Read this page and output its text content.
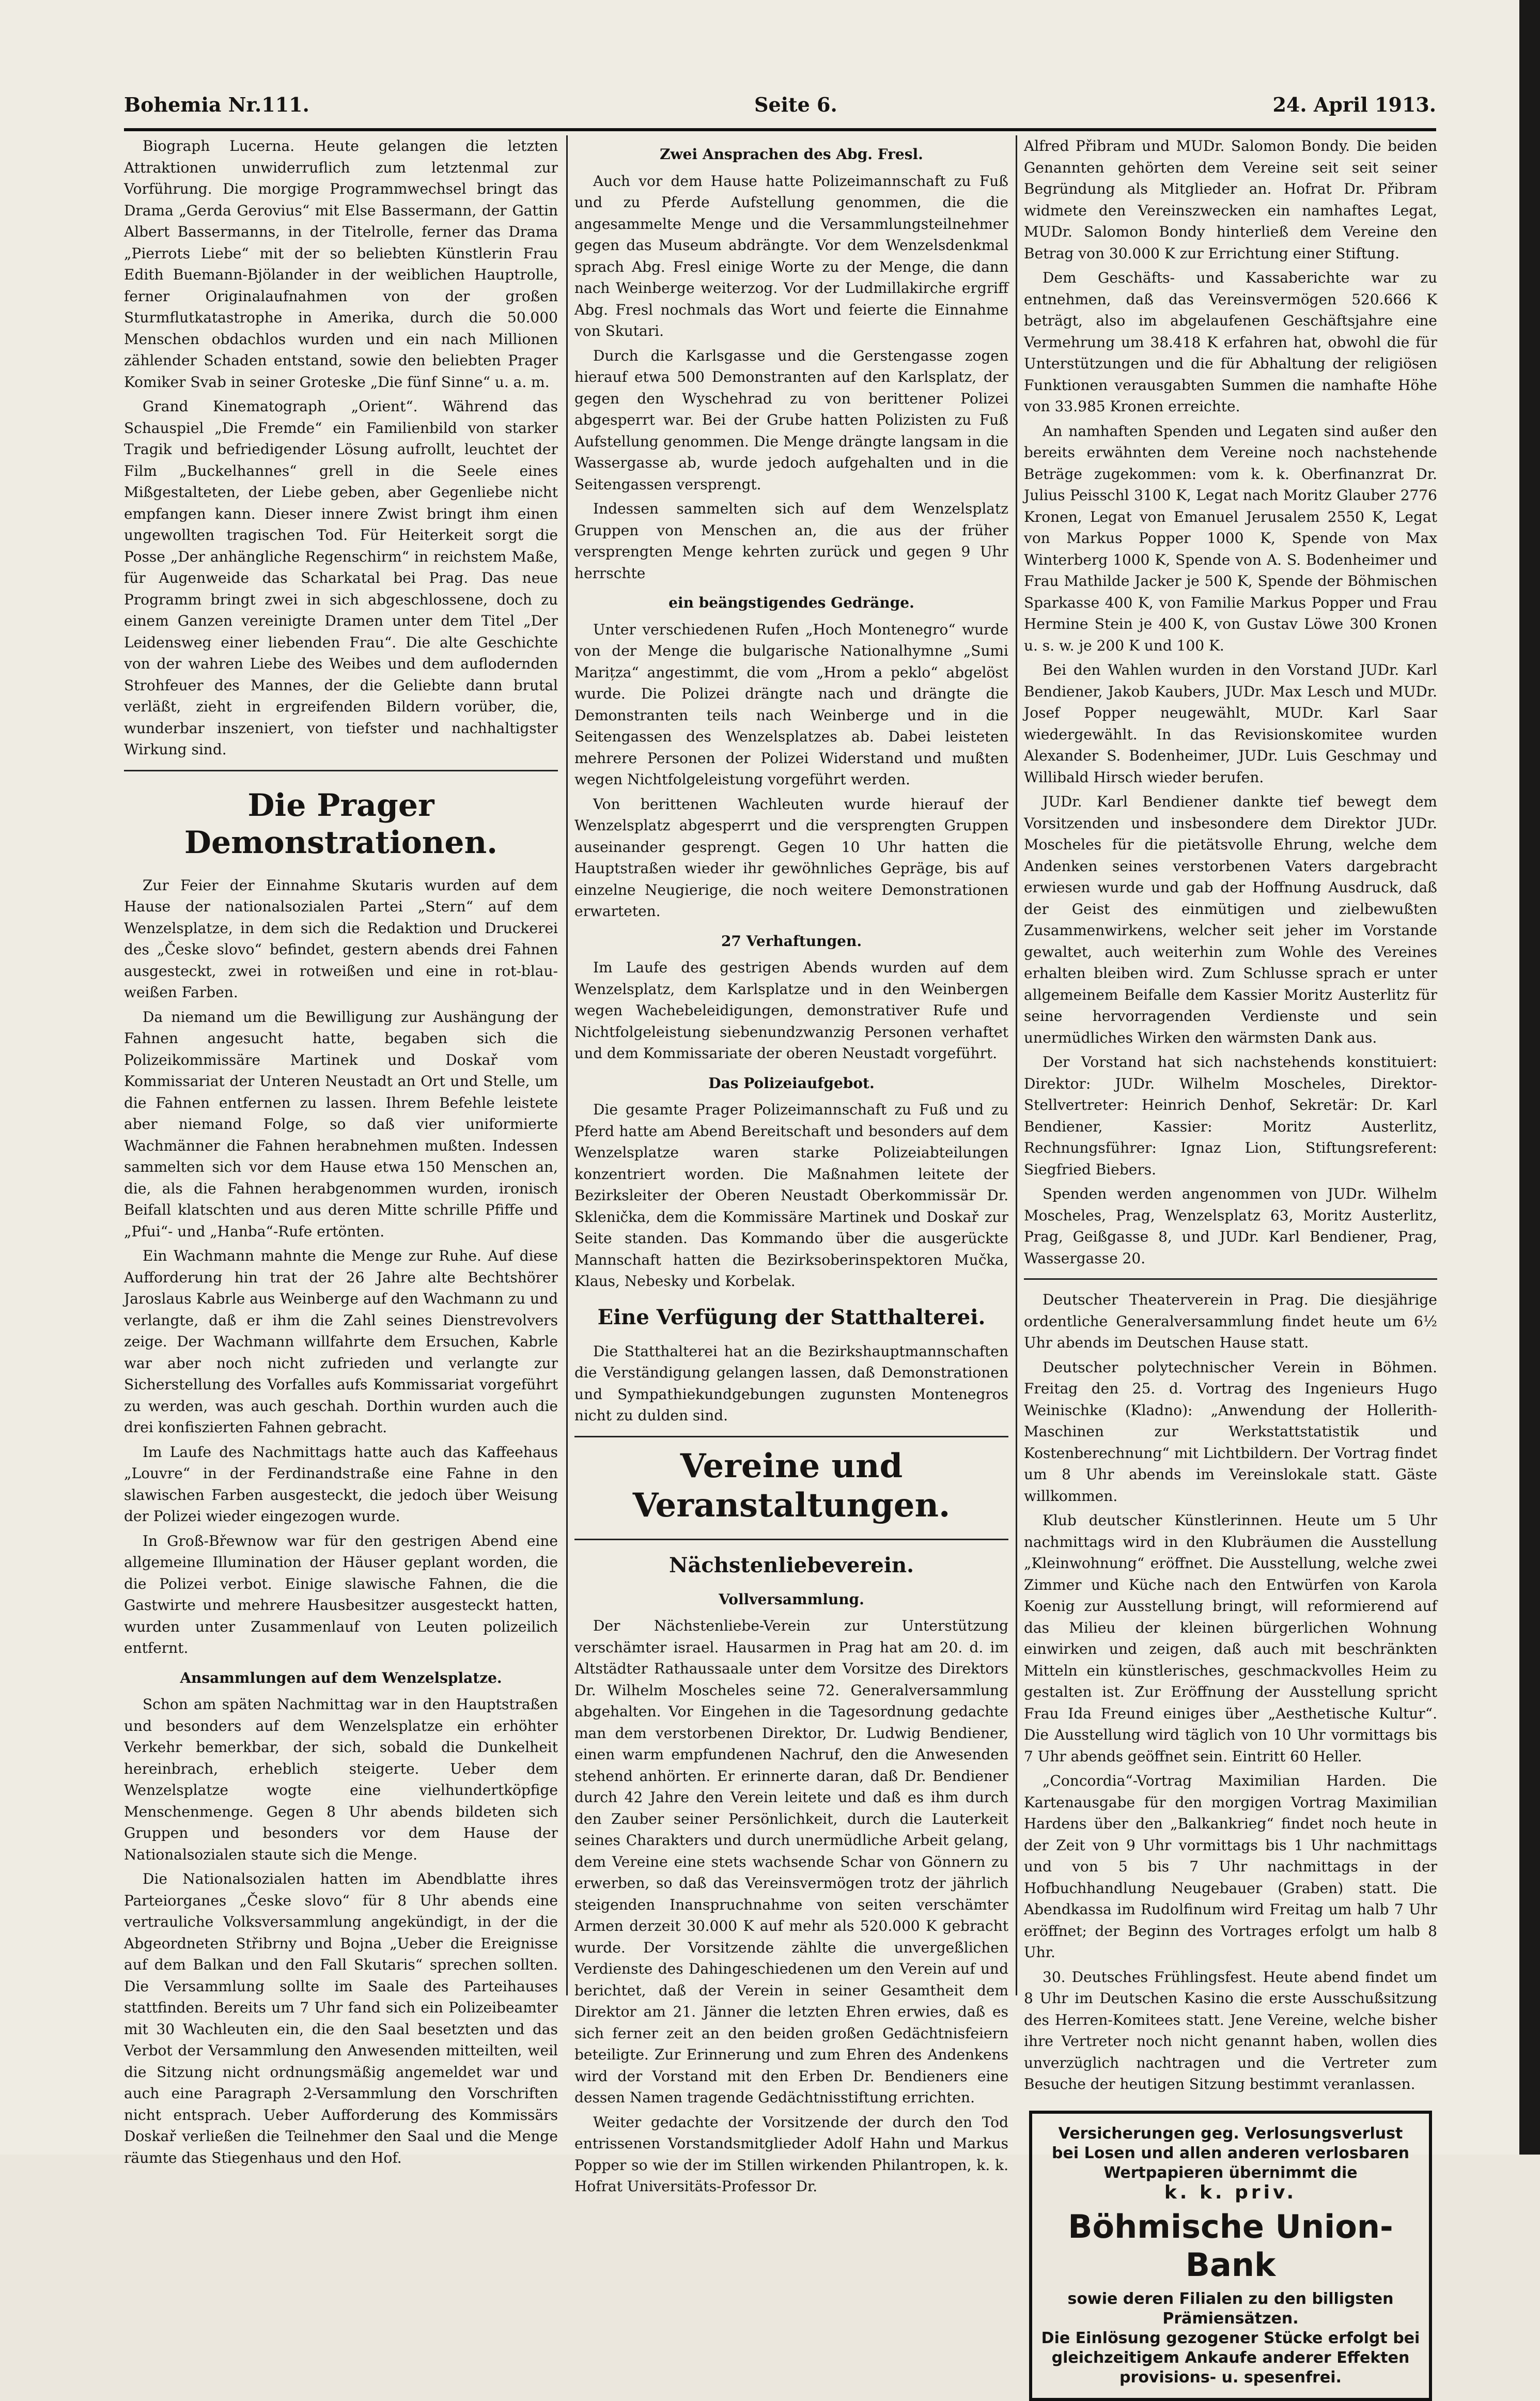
Bohemia Nr.111.	Seite 6.	24. April 1913.

Biograph Lucerna. Heute gelangen die letzten Attraktionen unwiderruflich zum letztenmal zur Vorführung. Die morgige Programmwechsel bringt das Drama „Gerda Gerovius“ mit Else Bassermann, der Gattin Albert Bassermanns, in der Titelrolle, ferner das Drama „Pierrots Liebe“ mit der so beliebten Künstlerin Frau Edith Buemann-Bjölander in der weiblichen Hauptrolle, ferner Originalaufnahmen von der großen Sturmflutkatastrophe in Amerika, durch die 50.000 Menschen obdachlos wurden und ein nach Millionen zählender Schaden entstand, sowie den beliebten Prager Komiker Svab in seiner Groteske „Die fünf Sinne“ u. a. m.

Grand Kinematograph „Orient“. Während das Schauspiel „Die Fremde“ ein Familienbild von starker Tragik und befriedigender Lösung aufrollt, leuchtet der Film „Buckelhannes“ grell in die Seele eines Mißgestalteten, der Liebe geben, aber Gegenliebe nicht empfangen kann. Dieser innere Zwist bringt ihm einen ungewollten tragischen Tod. Für Heiterkeit sorgt die Posse „Der anhängliche Regenschirm“ in reichstem Maße, für Augenweide das Scharkatal bei Prag. Das neue Programm bringt zwei in sich abgeschlossene, doch zu einem Ganzen vereinigte Dramen unter dem Titel „Der Leidensweg einer liebenden Frau“. Die alte Geschichte von der wahren Liebe des Weibes und dem auflodernden Strohfeuer des Mannes, der die Geliebte dann brutal verläßt, zieht in ergreifenden Bildern vorüber, die, wunderbar inszeniert, von tiefster und nachhaltigster Wirkung sind.

Die Prager Demonstrationen.

Zur Feier der Einnahme Skutaris wurden auf dem Hause der nationalsozialen Partei „Stern“ auf dem Wenzelsplatze, in dem sich die Redaktion und Druckerei des „Česke slovo“ befindet, gestern abends drei Fahnen ausgesteckt, zwei in rotweißen und eine in rot-blau-weißen Farben.

Da niemand um die Bewilligung zur Aushängung der Fahnen angesucht hatte, begaben sich die Polizeikommissäre Martinek und Doskař vom Kommissariat der Unteren Neustadt an Ort und Stelle, um die Fahnen entfernen zu lassen. Ihrem Befehle leistete aber niemand Folge, so daß vier uniformierte Wachmänner die Fahnen herabnehmen mußten. Indessen sammelten sich vor dem Hause etwa 150 Menschen an, die, als die Fahnen herabgenommen wurden, ironisch Beifall klatschten und aus deren Mitte schrille Pfiffe und „Pfui“- und „Hanba“-Rufe ertönten.

Ein Wachmann mahnte die Menge zur Ruhe. Auf diese Aufforderung hin trat der 26 Jahre alte Bechtshörer Jaroslaus Kabrle aus Weinberge auf den Wachmann zu und verlangte, daß er ihm die Zahl seines Dienstrevolvers zeige. Der Wachmann willfahrte dem Ersuchen, Kabrle war aber noch nicht zufrieden und verlangte zur Sicherstellung des Vorfalles aufs Kommissariat vorgeführt zu werden, was auch geschah. Dorthin wurden auch die drei konfiszierten Fahnen gebracht.

Im Laufe des Nachmittags hatte auch das Kaffeehaus „Louvre“ in der Ferdinandstraße eine Fahne in den slawischen Farben ausgesteckt, die jedoch über Weisung der Polizei wieder eingezogen wurde.

In Groß-Břewnow war für den gestrigen Abend eine allgemeine Illumination der Häuser geplant worden, die die Polizei verbot. Einige slawische Fahnen, die die Gastwirte und mehrere Hausbesitzer ausgesteckt hatten, wurden unter Zusammenlauf von Leuten polizeilich entfernt.

Ansammlungen auf dem Wenzelsplatze.

Schon am späten Nachmittag war in den Hauptstraßen und besonders auf dem Wenzelsplatze ein erhöhter Verkehr bemerkbar, der sich, sobald die Dunkelheit hereinbrach, erheblich steigerte. Ueber dem Wenzelsplatze wogte eine vielhundertköpfige Menschenmenge. Gegen 8 Uhr abends bildeten sich Gruppen und besonders vor dem Hause der Nationalsozialen staute sich die Menge.

Die Nationalsozialen hatten im Abendblatte ihres Parteiorganes „Česke slovo“ für 8 Uhr abends eine vertrauliche Volksversammlung angekündigt, in der die Abgeordneten Střibrny und Bojna „Ueber die Ereignisse auf dem Balkan und den Fall Skutaris“ sprechen sollten. Die Versammlung sollte im Saale des Parteihauses stattfinden. Bereits um 7 Uhr fand sich ein Polizeibeamter mit 30 Wachleuten ein, die den Saal besetzten und das Verbot der Versammlung den Anwesenden mitteilten, weil die Sitzung nicht ordnungsmäßig angemeldet war und auch eine Paragraph 2-Versammlung den Vorschriften nicht entsprach. Ueber Aufforderung des Kommissärs Doskař verließen die Teilnehmer den Saal und die Menge räumte das Stiegenhaus und den Hof.

Zwei Ansprachen des Abg. Fresl.

Auch vor dem Hause hatte Polizeimannschaft zu Fuß und zu Pferde Aufstellung genommen, die die angesammelte Menge und die Versammlungsteilnehmer gegen das Museum abdrängte. Vor dem Wenzelsdenkmal sprach Abg. Fresl einige Worte zu der Menge, die dann nach Weinberge weiterzog. Vor der Ludmillakirche ergriff Abg. Fresl nochmals das Wort und feierte die Einnahme von Skutari.

Durch die Karlsgasse und die Gerstengasse zogen hierauf etwa 500 Demonstranten auf den Karlsplatz, der gegen den Wyschehrad zu von berittener Polizei abgesperrt war. Bei der Grube hatten Polizisten zu Fuß Aufstellung genommen. Die Menge drängte langsam in die Wassergasse ab, wurde jedoch aufgehalten und in die Seitengassen versprengt.

Indessen sammelten sich auf dem Wenzelsplatz Gruppen von Menschen an, die aus der früher versprengten Menge kehrten zurück und gegen 9 Uhr herrschte

ein beängstigendes Gedränge.

Unter verschiedenen Rufen „Hoch Montenegro“ wurde von der Menge die bulgarische Nationalhymne „Sumi Marițza“ angestimmt, die vom „Hrom a peklo“ abgelöst wurde. Die Polizei drängte nach und drängte die Demonstranten teils nach Weinberge und in die Seitengassen des Wenzelsplatzes ab. Dabei leisteten mehrere Personen der Polizei Widerstand und mußten wegen Nichtfolgeleistung vorgeführt werden.

Von berittenen Wachleuten wurde hierauf der Wenzelsplatz abgesperrt und die versprengten Gruppen auseinander gesprengt. Gegen 10 Uhr hatten die Hauptstraßen wieder ihr gewöhnliches Gepräge, bis auf einzelne Neugierige, die noch weitere Demonstrationen erwarteten.

27 Verhaftungen.

Im Laufe des gestrigen Abends wurden auf dem Wenzelsplatz, dem Karlsplatze und in den Weinbergen wegen Wachebeleidigungen, demonstrativer Rufe und Nichtfolgeleistung siebenundzwanzig Personen verhaftet und dem Kommissariate der oberen Neustadt vorgeführt.

Das Polizeiaufgebot.

Die gesamte Prager Polizeimannschaft zu Fuß und zu Pferd hatte am Abend Bereitschaft und besonders auf dem Wenzelsplatze waren starke Polizeiabteilungen konzentriert worden. Die Maßnahmen leitete der Bezirksleiter der Oberen Neustadt Oberkommissär Dr. Sklenička, dem die Kommissäre Martinek und Doskař zur Seite standen. Das Kommando über die ausgerückte Mannschaft hatten die Bezirksoberinspektoren Mučka, Klaus, Nebesky und Korbelak.

Eine Verfügung der Statthalterei.

Die Statthalterei hat an die Bezirkshauptmannschaften die Verständigung gelangen lassen, daß Demonstrationen und Sympathiekundgebungen zugunsten Montenegros nicht zu dulden sind.

Vereine und Veranstaltungen.
Nächstenliebeverein.
Vollversammlung.

Der Nächstenliebe-Verein zur Unterstützung verschämter israel. Hausarmen in Prag hat am 20. d. im Altstädter Rathaussaale unter dem Vorsitze des Direktors Dr. Wilhelm Moscheles seine 72. Generalversammlung abgehalten. Vor Eingehen in die Tagesordnung gedachte man dem verstorbenen Direktor, Dr. Ludwig Bendiener, einen warm empfundenen Nachruf, den die Anwesenden stehend anhörten. Er erinnerte daran, daß Dr. Bendiener durch 42 Jahre den Verein leitete und daß es ihm durch den Zauber seiner Persönlichkeit, durch die Lauterkeit seines Charakters und durch unermüdliche Arbeit gelang, dem Vereine eine stets wachsende Schar von Gönnern zu erwerben, so daß das Vereinsvermögen trotz der jährlich steigenden Inanspruchnahme von seiten verschämter Armen derzeit 30.000 K auf mehr als 520.000 K gebracht wurde. Der Vorsitzende zählte die unvergeßlichen Verdienste des Dahingeschiedenen um den Verein auf und berichtet, daß der Verein in seiner Gesamtheit dem Direktor am 21. Jänner die letzten Ehren erwies, daß es sich ferner zeit an den beiden großen Gedächtnisfeiern beteiligte. Zur Erinnerung und zum Ehren des Andenkens wird der Vorstand mit den Erben Dr. Bendieners eine dessen Namen tragende Gedächtnisstiftung errichten.

Weiter gedachte der Vorsitzende der durch den Tod entrissenen Vorstandsmitglieder Adolf Hahn und Markus Popper so wie der im Stillen wirkenden Philantropen, k. k. Hofrat Universitäts-Professor Dr.

Alfred Přibram und MUDr. Salomon Bondy. Die beiden Genannten gehörten dem Vereine seit seit seiner Begründung als Mitglieder an. Hofrat Dr. Přibram widmete den Vereinszwecken ein namhaftes Legat, MUDr. Salomon Bondy hinterließ dem Vereine den Betrag von 30.000 K zur Errichtung einer Stiftung.

Dem Geschäfts- und Kassaberichte war zu entnehmen, daß das Vereinsvermögen 520.666 K beträgt, also im abgelaufenen Geschäftsjahre eine Vermehrung um 38.418 K erfahren hat, obwohl die für Unterstützungen und die für Abhaltung der religiösen Funktionen verausgabten Summen die namhafte Höhe von 33.985 Kronen erreichte.

An namhaften Spenden und Legaten sind außer den bereits erwähnten dem Vereine noch nachstehende Beträge zugekommen: vom k. k. Oberfinanzrat Dr. Julius Peisschl 3100 K, Legat nach Moritz Glauber 2776 Kronen, Legat von Emanuel Jerusalem 2550 K, Legat von Markus Popper 1000 K, Spende von Max Winterberg 1000 K, Spende von A. S. Bodenheimer und Frau Mathilde Jacker je 500 K, Spende der Böhmischen Sparkasse 400 K, von Familie Markus Popper und Frau Hermine Stein je 400 K, von Gustav Löwe 300 Kronen u. s. w. je 200 K und 100 K.

Bei den Wahlen wurden in den Vorstand JUDr. Karl Bendiener, Jakob Kaubers, JUDr. Max Lesch und MUDr. Josef Popper neugewählt, MUDr. Karl Saar wiedergewählt. In das Revisionskomitee wurden Alexander S. Bodenheimer, JUDr. Luis Geschmay und Willibald Hirsch wieder berufen.

JUDr. Karl Bendiener dankte tief bewegt dem Vorsitzenden und insbesondere dem Direktor JUDr. Moscheles für die pietätsvolle Ehrung, welche dem Andenken seines verstorbenen Vaters dargebracht erwiesen wurde und gab der Hoffnung Ausdruck, daß der Geist des einmütigen und zielbewußten Zusammenwirkens, welcher seit jeher im Vorstande gewaltet, auch weiterhin zum Wohle des Vereines erhalten bleiben wird. Zum Schlusse sprach er unter allgemeinem Beifalle dem Kassier Moritz Austerlitz für seine hervorragenden Verdienste und sein unermüdliches Wirken den wärmsten Dank aus.

Der Vorstand hat sich nachstehends konstituiert: Direktor: JUDr. Wilhelm Moscheles, Direktor-Stellvertreter: Heinrich Denhof, Sekretär: Dr. Karl Bendiener, Kassier: Moritz Austerlitz, Rechnungsführer: Ignaz Lion, Stiftungsreferent: Siegfried Biebers.

Spenden werden angenommen von JUDr. Wilhelm Moscheles, Prag, Wenzelsplatz 63, Moritz Austerlitz, Prag, Geißgasse 8, und JUDr. Karl Bendiener, Prag, Wassergasse 20.

Deutscher Theaterverein in Prag. Die diesjährige ordentliche Generalversammlung findet heute um 6½ Uhr abends im Deutschen Hause statt.

Deutscher polytechnischer Verein in Böhmen. Freitag den 25. d. Vortrag des Ingenieurs Hugo Weinischke (Kladno): „Anwendung der Hollerith-Maschinen zur Werkstattstatistik und Kostenberechnung“ mit Lichtbildern. Der Vortrag findet um 8 Uhr abends im Vereinslokale statt. Gäste willkommen.

Klub deutscher Künstlerinnen. Heute um 5 Uhr nachmittags wird in den Klubräumen die Ausstellung „Kleinwohnung“ eröffnet. Die Ausstellung, welche zwei Zimmer und Küche nach den Entwürfen von Karola Koenig zur Ausstellung bringt, will reformierend auf das Milieu der kleinen bürgerlichen Wohnung einwirken und zeigen, daß auch mit beschränkten Mitteln ein künstlerisches, geschmackvolles Heim zu gestalten ist. Zur Eröffnung der Ausstellung spricht Frau Ida Freund einiges über „Aesthetische Kultur“. Die Ausstellung wird täglich von 10 Uhr vormittags bis 7 Uhr abends geöffnet sein. Eintritt 60 Heller.

„Concordia“-Vortrag Maximilian Harden. Die Kartenausgabe für den morgigen Vortrag Maximilian Hardens über den „Balkankrieg“ findet noch heute in der Zeit von 9 Uhr vormittags bis 1 Uhr nachmittags und von 5 bis 7 Uhr nachmittags in der Hofbuchhandlung Neugebauer (Graben) statt. Die Abendkassa im Rudolfinum wird Freitag um halb 7 Uhr eröffnet; der Beginn des Vortrages erfolgt um halb 8 Uhr.

30. Deutsches Frühlingsfest. Heute abend findet um 8 Uhr im Deutschen Kasino die erste Ausschußsitzung des Herren-Komitees statt. Jene Vereine, welche bisher ihre Vertreter noch nicht genannt haben, wollen dies unverzüglich nachtragen und die Vertreter zum Besuche der heutigen Sitzung bestimmt veranlassen.

Versicherungen geg. Verlosungsverlust
bei Losen und allen anderen verlosbaren Wertpapieren übernimmt die
k. k. priv.
Böhmische Union-Bank
sowie deren Filialen zu den billigsten Prämiensätzen.
Die Einlösung gezogener Stücke erfolgt bei gleichzeitigem Ankaufe anderer Effekten provisions- u. spesenfrei.
